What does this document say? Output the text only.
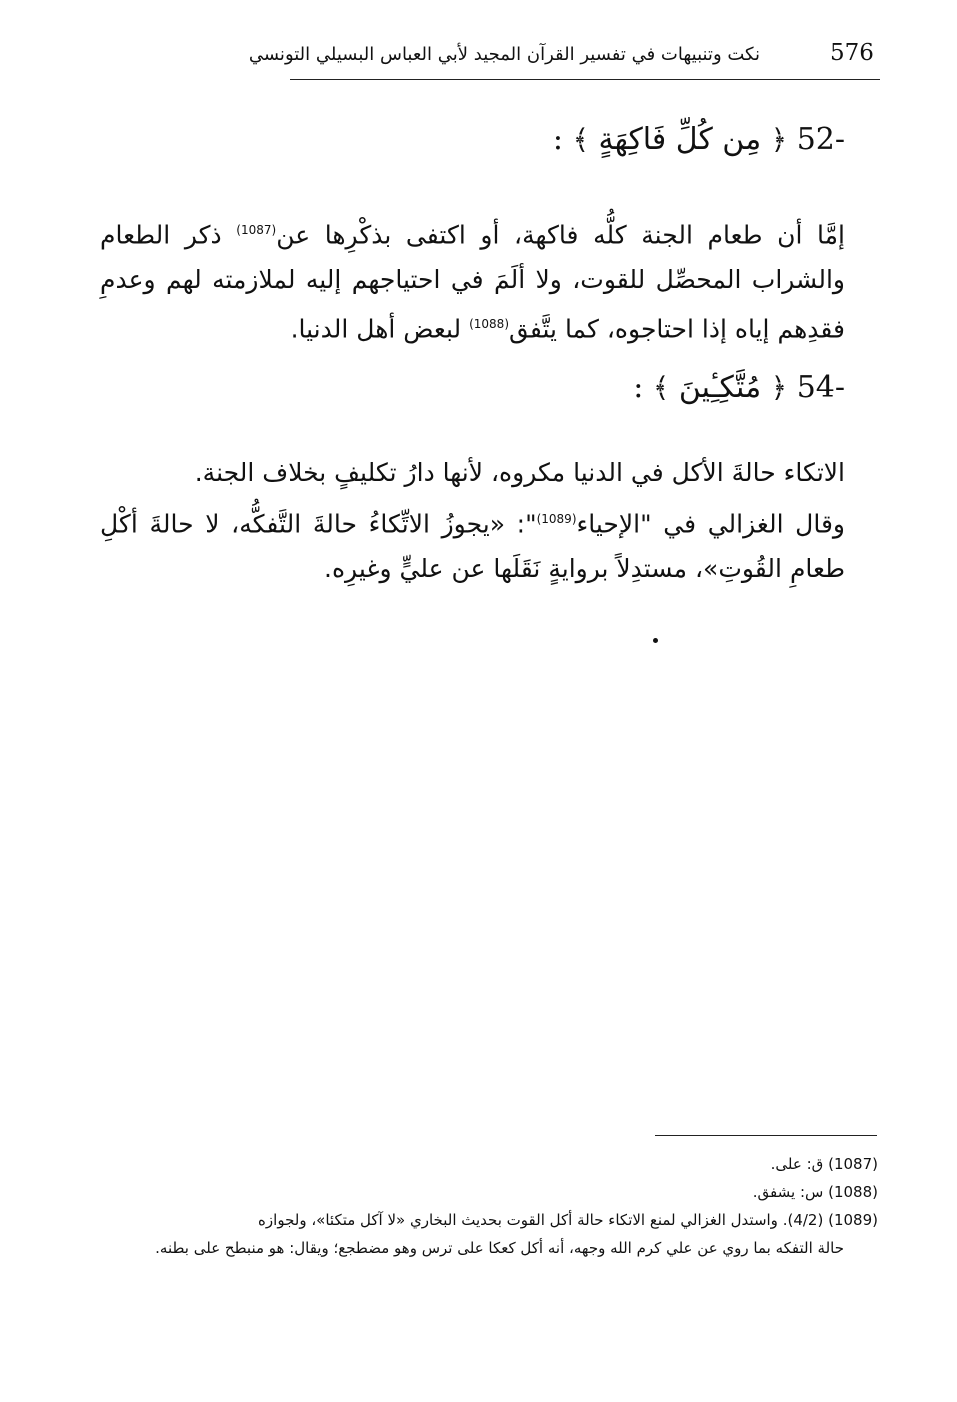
576
نكت وتنبيهات في تفسير القرآن المجيد لأبي العباس البسيلي التونسي
: ﴾ مِن كُلِّ فَاكِهَةٍ ﴿ 52-
إمَّا أن طعام الجنة كلُّه فاكهة، أو اكتفى بذكْرِها عن$^{(1087)}$ ذكر الطعام والشراب المحصِّل للقوت، ولا ألَمَ في احتياجهم إليه لملازمته لهم وعدمِ فقدِهم إياه إذا احتاجوه، كما يتَّفق$^{(1088)}$ لبعض أهل الدنيا.
: ﴾ مُتَّكِـِٔينَ ﴿ 54-
الاتكاء حالةَ الأكل في الدنيا مكروه، لأنها دارُ تكليفٍ بخلاف الجنة.
وقال الغزالي في "الإحياء$^{(1089)}$": «يجوزُ الاتِّكاءُ حالةَ التَّفكُّه، لا حالةَ أكْلِ طعامِ القُوتِ»، مستدِلاً بروايةٍ نَقَلَها عن عليٍّ وغيرِه.
(1087) ق: على.
(1088) س: يشفق.
(1089) (4/2). واستدل الغزالي لمنع الاتكاء حالة أكل القوت بحديث البخاري «لا آكل متكئا»، ولجوازه
حالة التفكه بما روي عن علي كرم الله وجهه، أنه أكل كعكا على ترس وهو مضطجع؛ ويقال: هو منبطح على بطنه.
